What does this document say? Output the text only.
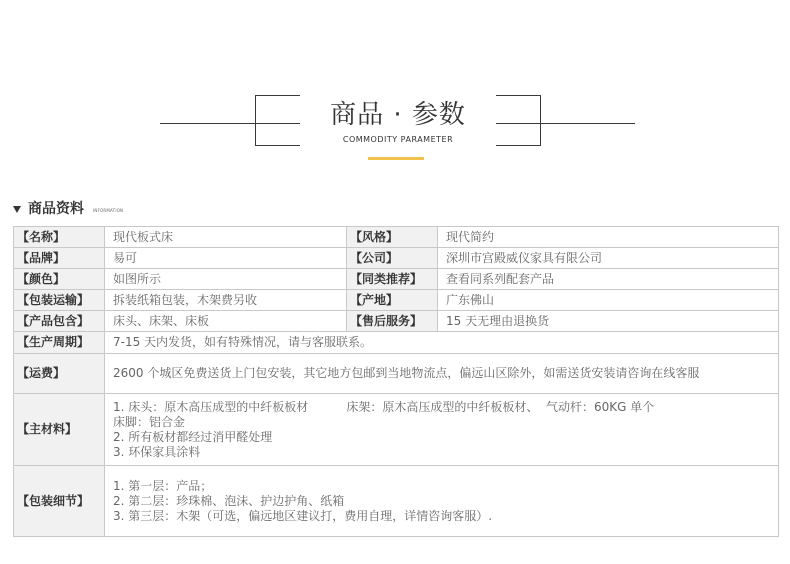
商品 · 参数
COMMODITY PARAMETER
商品资料 INFORMATION
【名称】	现代板式床	【风格】	现代简约
【品牌】	易可	【公司】	深圳市宫殿威仪家具有限公司
【颜色】	如图所示	【同类推荐】	查看同系列配套产品
【包装运输】	拆装纸箱包装，木架费另收	【产地】	广东佛山
【产品包含】	床头、床架、床板	【售后服务】	15 天无理由退换货
【生产周期】	7-15 天内发货，如有特殊情况，请与客服联系。		
【运费】	2600 个城区免费送货上门包安装，其它地方包邮到当地物流点，偏远山区除外，如需送货安装请咨询在线客服		
【主材料】	1. 床头：原木高压成型的中纤板板材          床架：原木高压成型的中纤板板材、  气动杆：60KG 单个
床脚：铝合金
2. 所有板材都经过消甲醛处理
3. 环保家具涂料		

【包装细节】	1. 第一层：产品；
2. 第二层：珍珠棉、泡沫、护边护角、纸箱
3. 第三层：木架（可选，偏远地区建议打，费用自理，详情咨询客服）.		
